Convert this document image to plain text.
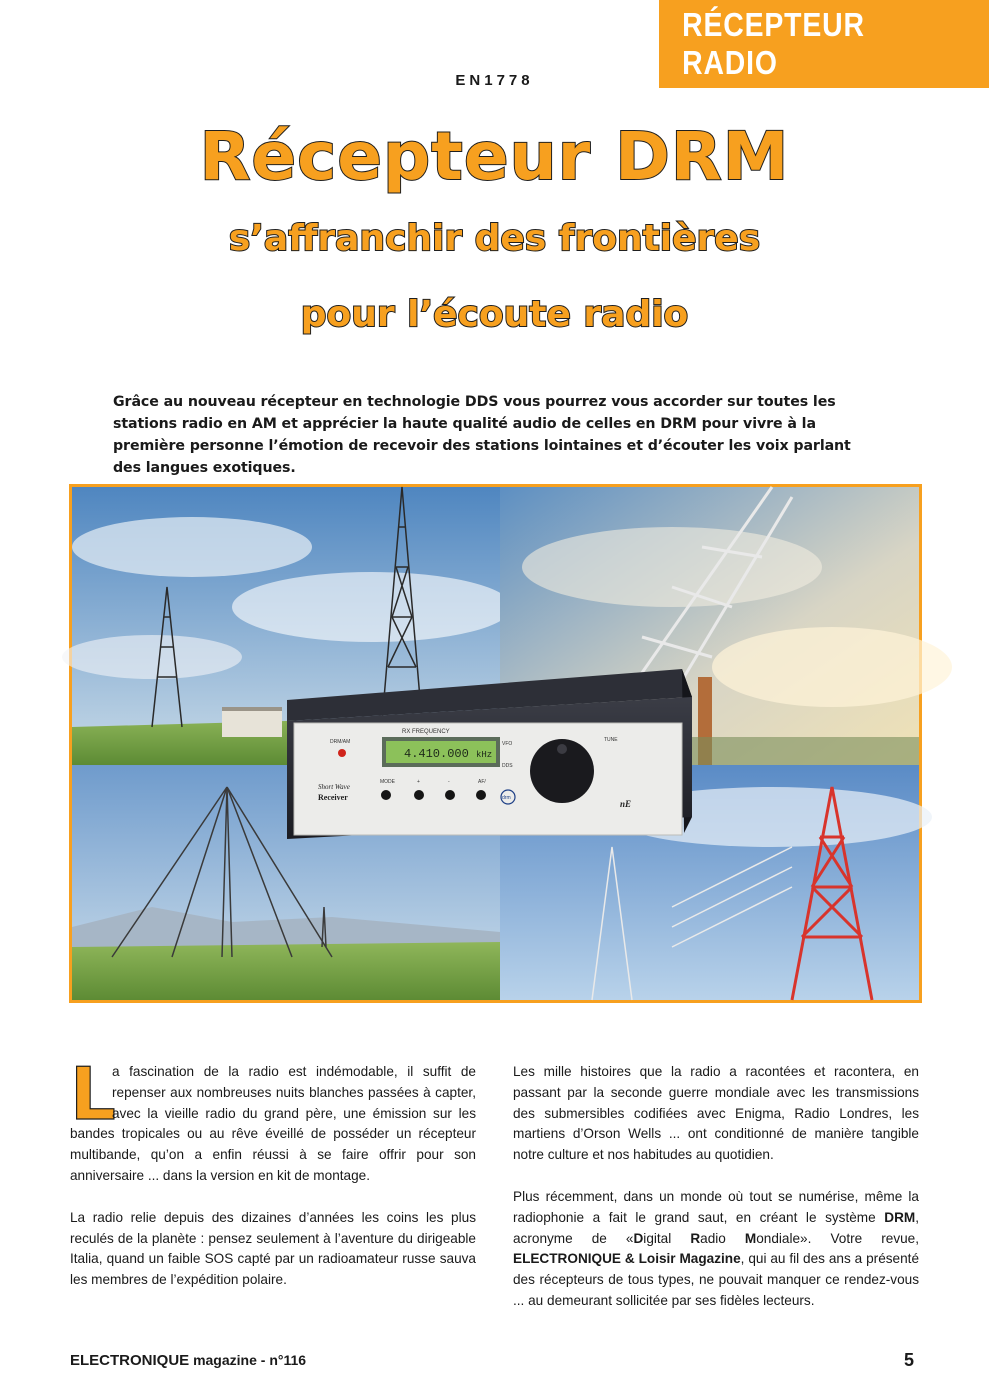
RÉCEPTEUR RADIO
EN1778
Récepteur DRM
s’affranchir des frontières
pour l’écoute radio
Grâce au nouveau récepteur en technologie DDS vous pourrez vous accorder sur toutes les stations radio en AM et apprécier la haute qualité audio de celles en DRM pour vivre à la première personne l’émotion de recevoir des stations lointaines et d’écouter les voix parlant des langues exotiques.
DRM/AM
RX FREQUENCY
4.410.000 kHz
VFO
DDS
TUNE
Short Wave
Receiver
MODE	+	-	AF/
drm
nE

L
a fascination de la radio est indémodable, il suffit de repenser aux nombreuses nuits blanches passées à capter, avec la vieille radio du grand père, une émission sur les bandes tropicales ou au rêve éveillé de posséder un récepteur multibande, qu’on a enfin réussi à se faire offrir pour son anniversaire ... dans la version en kit de montage.

La radio relie depuis des dizaines d’années les coins les plus reculés de la planète : pensez seulement à l’aventure du dirigeable Italia, quand un faible SOS capté par un radioamateur russe sauva les membres de l’expédition polaire.

Les mille histoires que la radio a racontées et racontera, en passant par la seconde guerre mondiale avec les transmissions des submersibles codifiées avec Enigma, Radio Londres, les martiens d’Orson Wells ... ont conditionné de manière tangible notre culture et nos habitudes au quotidien.

Plus récemment, dans un monde où tout se numérise, même la radiophonie a fait le grand saut, en créant le système DRM, acronyme de «Digital Radio Mondiale». Votre revue, ELECTRONIQUE & Loisir Magazine, qui au fil des ans a présenté des récepteurs de tous types, ne pouvait manquer ce rendez-vous ... au demeurant sollicitée par ses fidèles lecteurs.

ELECTRONIQUE magazine - n°116	5
